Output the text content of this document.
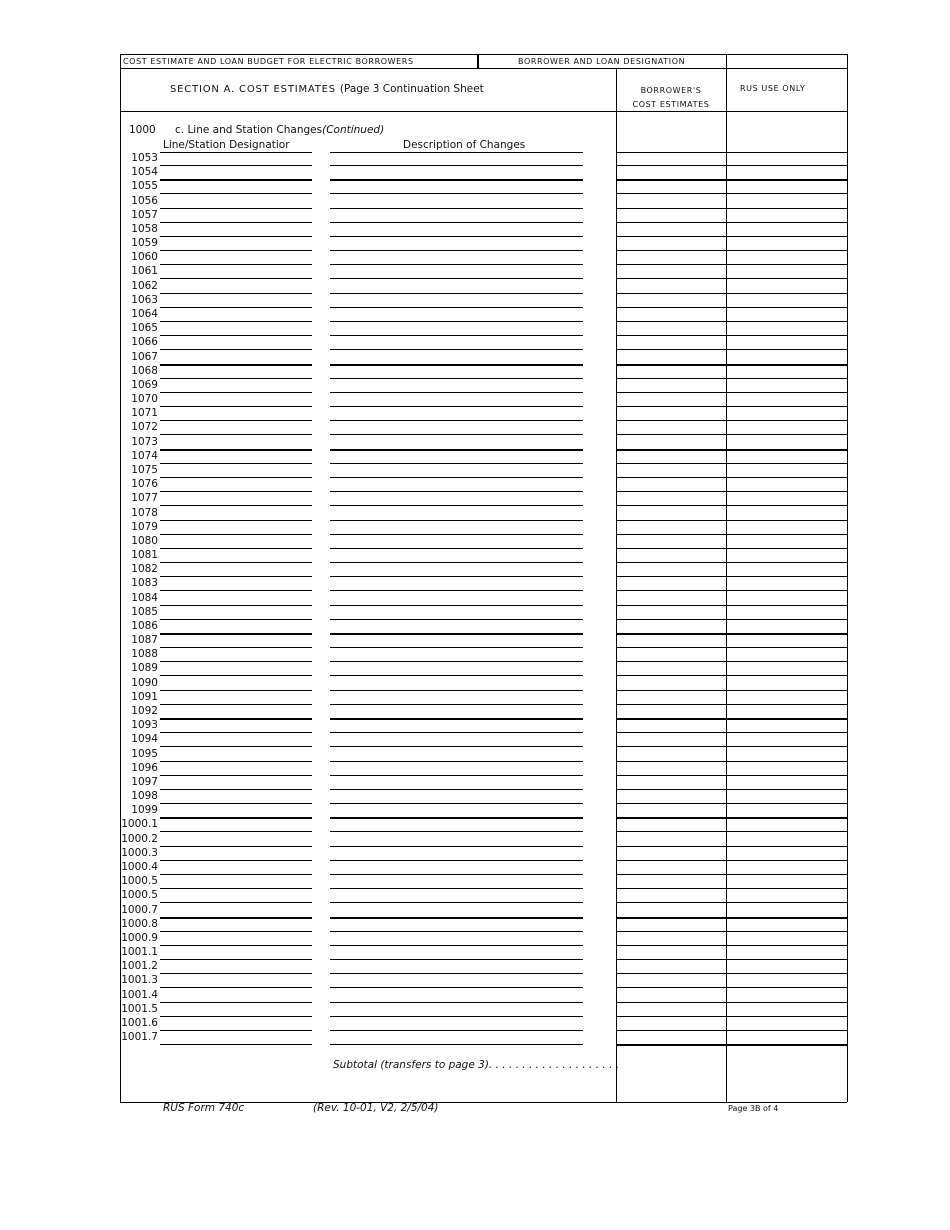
COST ESTIMATE AND LOAN BUDGET FOR ELECTRIC BORROWERS	BORROWER AND LOAN DESIGNATION
SECTION A. COST ESTIMATES (Page 3 Continuation Sheet	BORROWER'S
COST ESTIMATES
RUS USE ONLY
1000 c. Line and Station Changes(Continued)
Line/Station Designatior	Description of Changes
1053
1054
1055
1056
1057
1058
1059
1060
1061
1062
1063
1064
1065
1066
1067
1068
1069
1070
1071
1072
1073
1074
1075
1076
1077
1078
1079
1080
1081
1082
1083
1084
1085
1086
1087
1088
1089
1090
1091
1092
1093
1094
1095
1096
1097
1098
1099
1000.1
1000.2
1000.3
1000.4
1000.5
1000.5
1000.7
1000.8
1000.9
1001.1
1001.2
1001.3
1001.4
1001.5
1001.6
1001.7
Subtotal (transfers to page 3). . . . . . . . . . . . . . . . . . . .
RUS Form 740c	(Rev. 10-01, V2, 2/5/04)	Page 3B of 4
